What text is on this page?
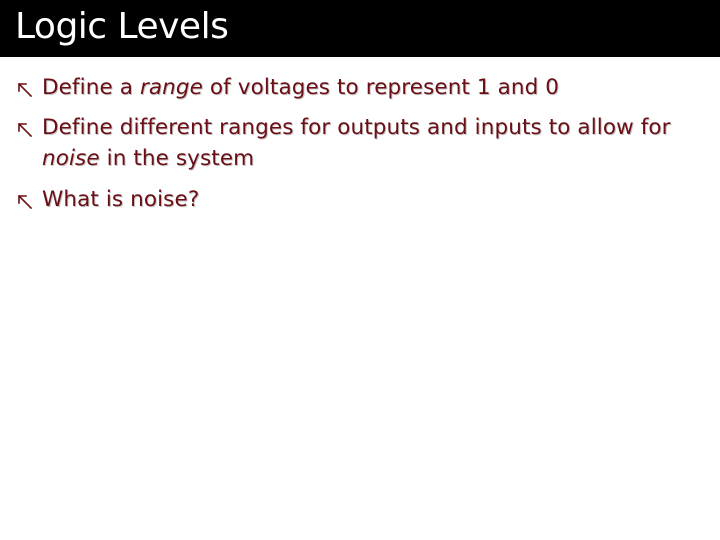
Logic Levels
Define a range of voltages to represent 1 and 0
Define different ranges for outputs and inputs to allow for noise in the system
What is noise?
